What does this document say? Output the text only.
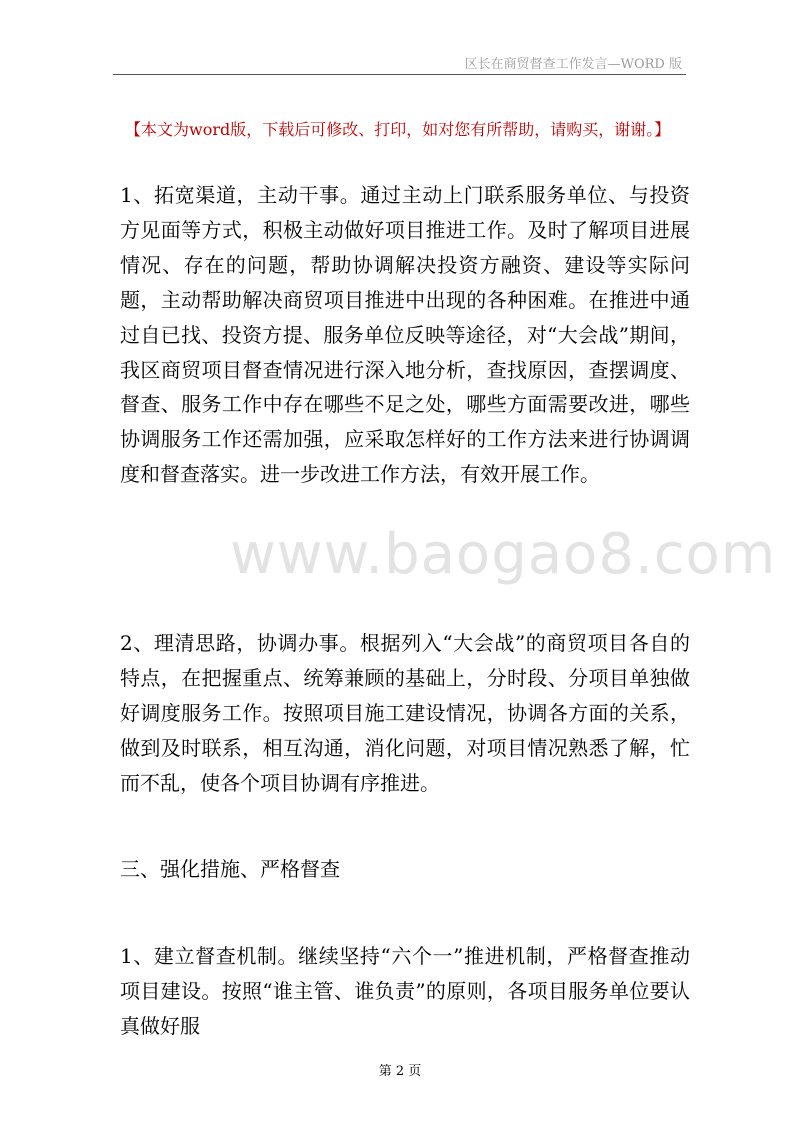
区长在商贸督查工作发言—WORD 版
【本文为word版，下载后可修改、打印，如对您有所帮助，请购买，谢谢。】
www.baogao8.com

1、拓宽渠道，主动干事。通过主动上门联系服务单位、与投资方见面等方式，积极主动做好项目推进工作。及时了解项目进展情况、存在的问题，帮助协调解决投资方融资、建设等实际问题，主动帮助解决商贸项目推进中出现的各种困难。在推进中通过自已找、投资方提、服务单位反映等途径，对“大会战”期间，我区商贸项目督查情况进行深入地分析，查找原因，查摆调度、督查、服务工作中存在哪些不足之处，哪些方面需要改进，哪些协调服务工作还需加强，应采取怎样好的工作方法来进行协调调度和督查落实。进一步改进工作方法，有效开展工作。

2、理清思路，协调办事。根据列入“大会战”的商贸项目各自的特点，在把握重点、统筹兼顾的基础上，分时段、分项目单独做好调度服务工作。按照项目施工建设情况，协调各方面的关系，做到及时联系，相互沟通，消化问题，对项目情况熟悉了解，忙而不乱，使各个项目协调有序推进。

三、强化措施、严格督查

1、建立督查机制。继续坚持“六个一”推进机制，严格督查推动项目建设。按照“谁主管、谁负责”的原则，各项目服务单位要认真做好服

第 2 页
